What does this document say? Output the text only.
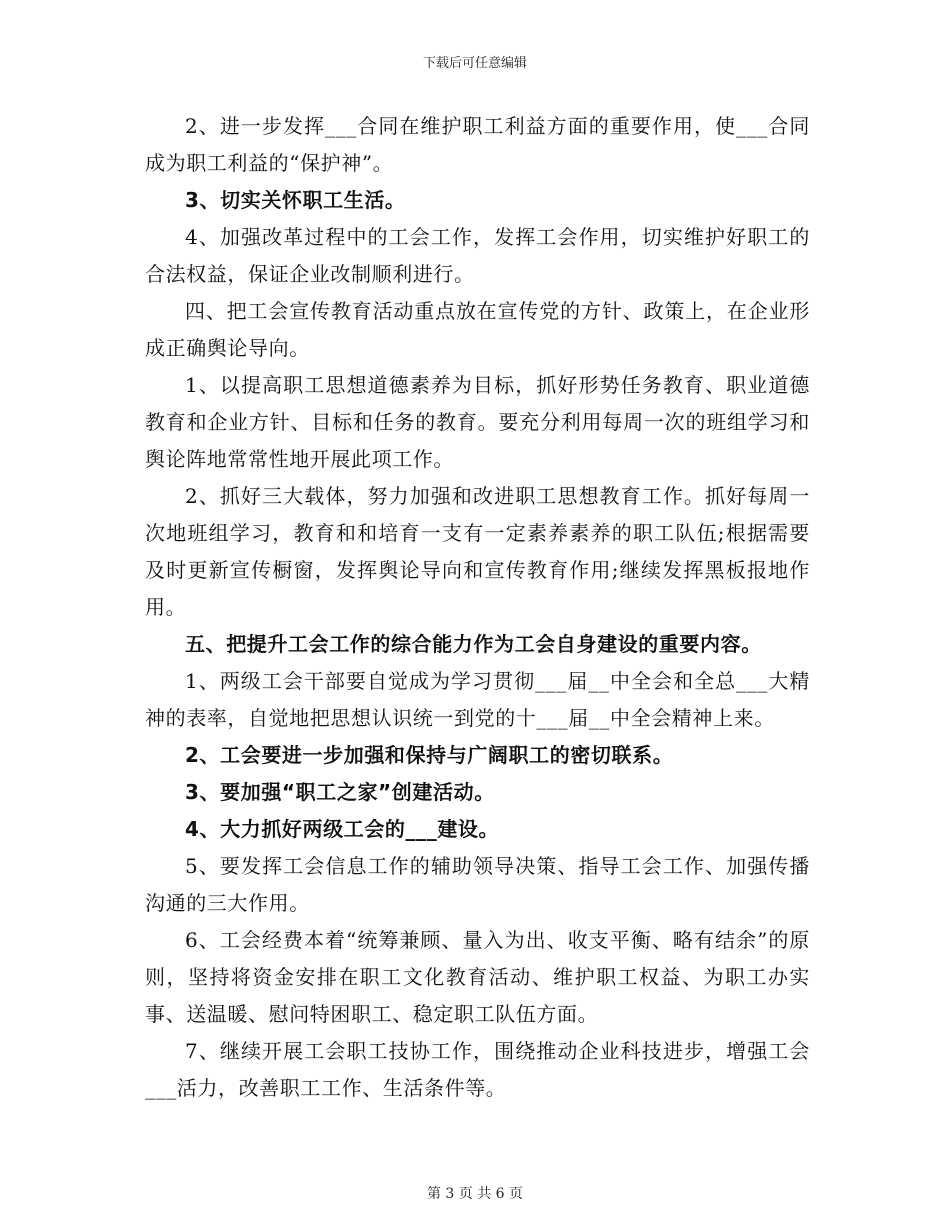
下载后可任意编辑

2、进一步发挥___合同在维护职工利益方面的重要作用，使___合同成为职工利益的“保护神”。

3、切实关怀职工生活。

4、加强改革过程中的工会工作，发挥工会作用，切实维护好职工的合法权益，保证企业改制顺利进行。

四、把工会宣传教育活动重点放在宣传党的方针、政策上，在企业形成正确舆论导向。

1、以提高职工思想道德素养为目标，抓好形势任务教育、职业道德教育和企业方针、目标和任务的教育。要充分利用每周一次的班组学习和舆论阵地常常性地开展此项工作。

2、抓好三大载体，努力加强和改进职工思想教育工作。抓好每周一次地班组学习，教育和和培育一支有一定素养素养的职工队伍;根据需要及时更新宣传橱窗，发挥舆论导向和宣传教育作用;继续发挥黑板报地作用。

五、把提升工会工作的综合能力作为工会自身建设的重要内容。

1、两级工会干部要自觉成为学习贯彻___届__中全会和全总___大精神的表率，自觉地把思想认识统一到党的十___届__中全会精神上来。

2、工会要进一步加强和保持与广阔职工的密切联系。

3、要加强“职工之家”创建活动。

4、大力抓好两级工会的___建设。

5、要发挥工会信息工作的辅助领导决策、指导工会工作、加强传播沟通的三大作用。

6、工会经费本着“统筹兼顾、量入为出、收支平衡、略有结余”的原则，坚持将资金安排在职工文化教育活动、维护职工权益、为职工办实事、送温暖、慰问特困职工、稳定职工队伍方面。

7、继续开展工会职工技协工作，围绕推动企业科技进步，增强工会___活力，改善职工工作、生活条件等。

第 3 页 共 6 页
